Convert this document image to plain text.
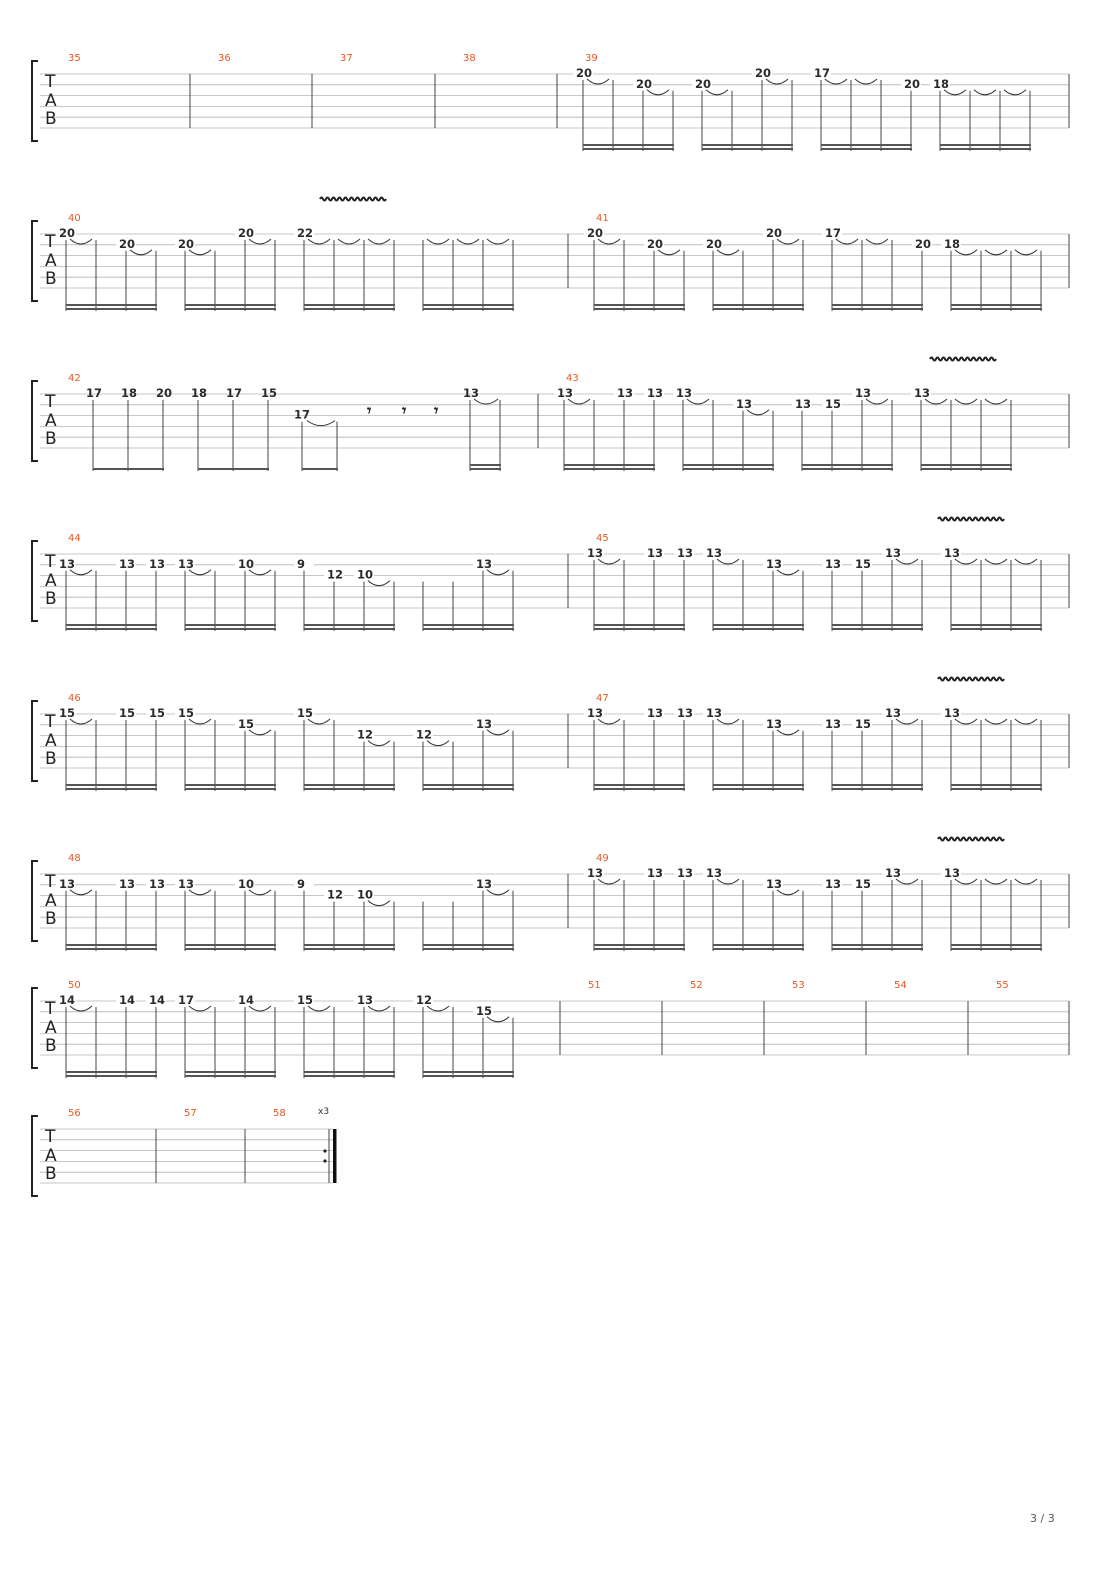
T
A
B
35	36	37	38	39
20
20	20
20	17
20 18
T
A
B
40
20
20	20
20	22
41
20
20	20
20	17
20 18
T
A
B
42
17 18 20 18 17 15
17	𝄾 𝄾 𝄾
13
43
13	13 13 13
13	13 15
13	13
T
A
B
44
13	13 13 13	10	9
12 10
13
45
13	13 13 13
13	13 15
13	13
T
A
B
46
15	15 15 15
15
15
12	12
13
47
13	13 13 13
13	13 15
13	13
T
A
B
48
13	13 13 13	10	9
12 10
13
49
13	13 13 13
13	13 15
13	13
T
A
B
50
14	14 14 17	14	15	13	12
15
51	52	53	54	55
T
A
B
56	57	58	x3
3 / 3
